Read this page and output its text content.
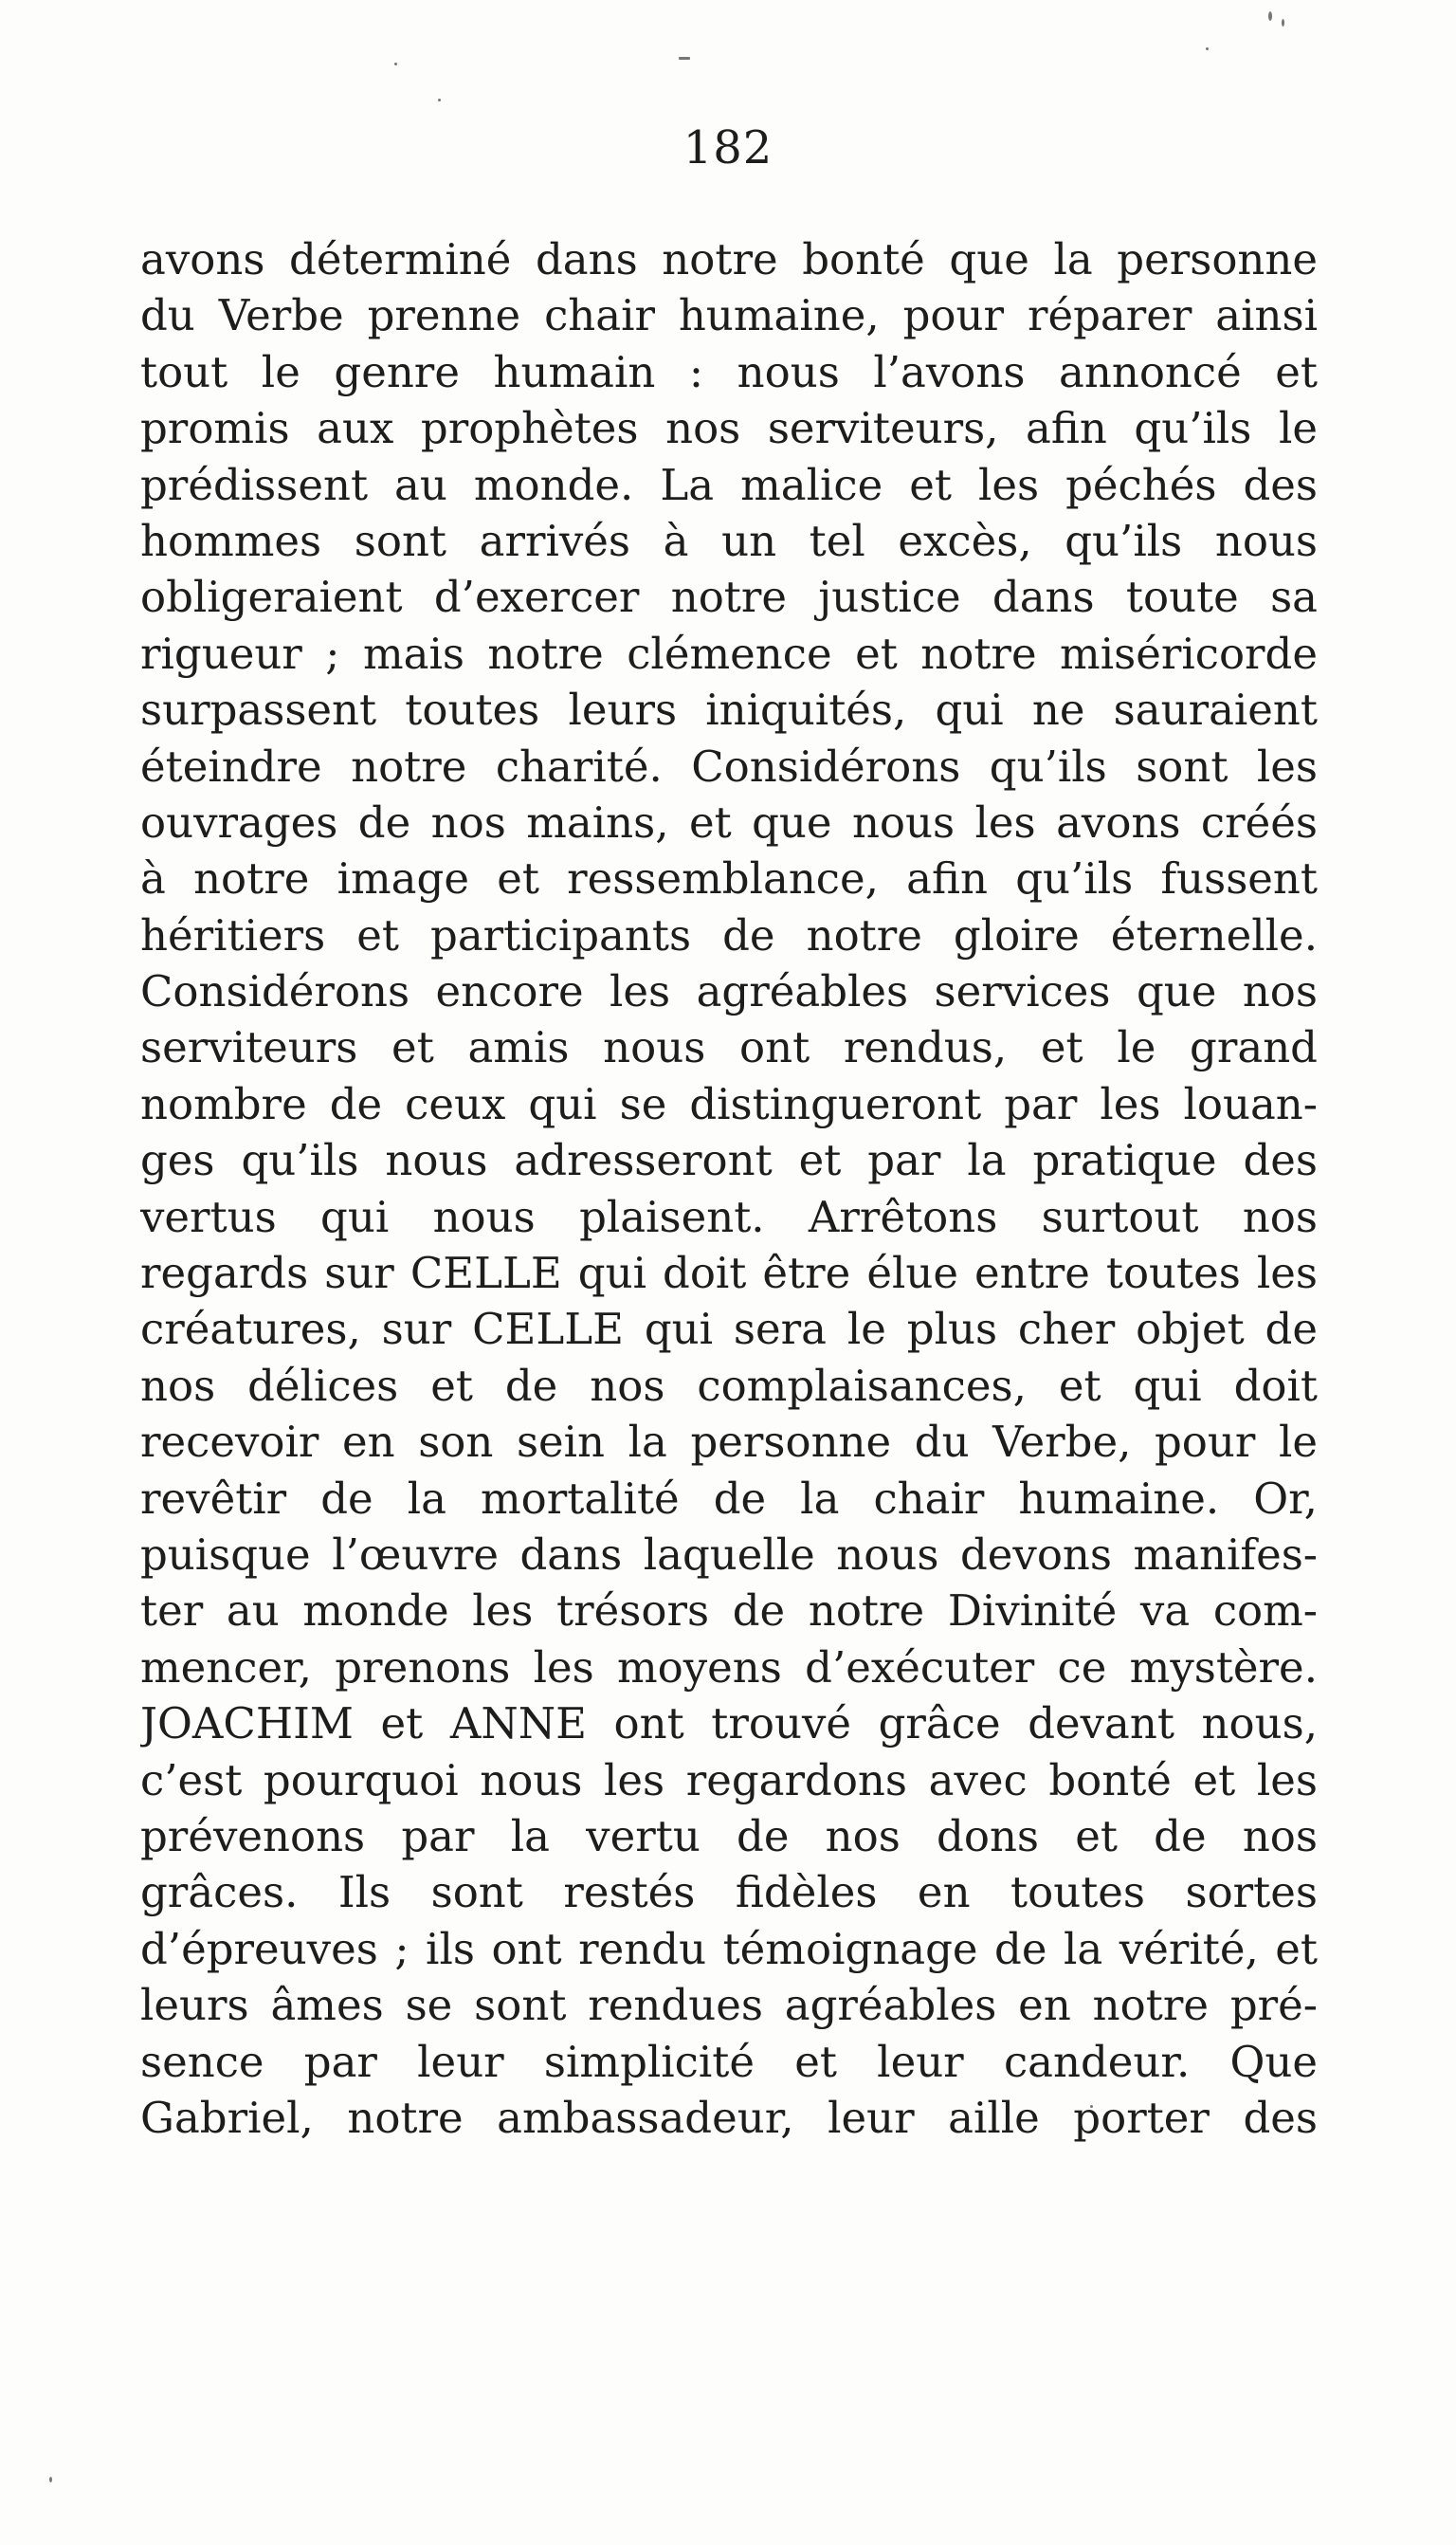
182
avons déterminé dans notre bonté que la personne
du Verbe prenne chair humaine, pour réparer ainsi
tout le genre humain : nous l’avons annoncé et
promis aux prophètes nos serviteurs, afin qu’ils le
prédissent au monde. La malice et les péchés des
hommes sont arrivés à un tel excès, qu’ils nous
obligeraient d’exercer notre justice dans toute sa
rigueur ; mais notre clémence et notre miséricorde
surpassent toutes leurs iniquités, qui ne sauraient
éteindre notre charité. Considérons qu’ils sont les
ouvrages de nos mains, et que nous les avons créés
à notre image et ressemblance, afin qu’ils fussent
héritiers et participants de notre gloire éternelle.
Considérons encore les agréables services que nos
serviteurs et amis nous ont rendus, et le grand
nombre de ceux qui se distingueront par les louan-
ges qu’ils nous adresseront et par la pratique des
vertus qui nous plaisent. Arrêtons surtout nos
regards sur CELLE qui doit être élue entre toutes les
créatures, sur CELLE qui sera le plus cher objet de
nos délices et de nos complaisances, et qui doit
recevoir en son sein la personne du Verbe, pour le
revêtir de la mortalité de la chair humaine. Or,
puisque l’œuvre dans laquelle nous devons manifes-
ter au monde les trésors de notre Divinité va com-
mencer, prenons les moyens d’exécuter ce mystère.
JOACHIM et ANNE ont trouvé grâce devant nous,
c’est pourquoi nous les regardons avec bonté et les
prévenons par la vertu de nos dons et de nos
grâces. Ils sont restés fidèles en toutes sortes
d’épreuves ; ils ont rendu témoignage de la vérité, et
leurs âmes se sont rendues agréables en notre pré-
sence par leur simplicité et leur candeur. Que
Gabriel, notre ambassadeur, leur aille porter des
